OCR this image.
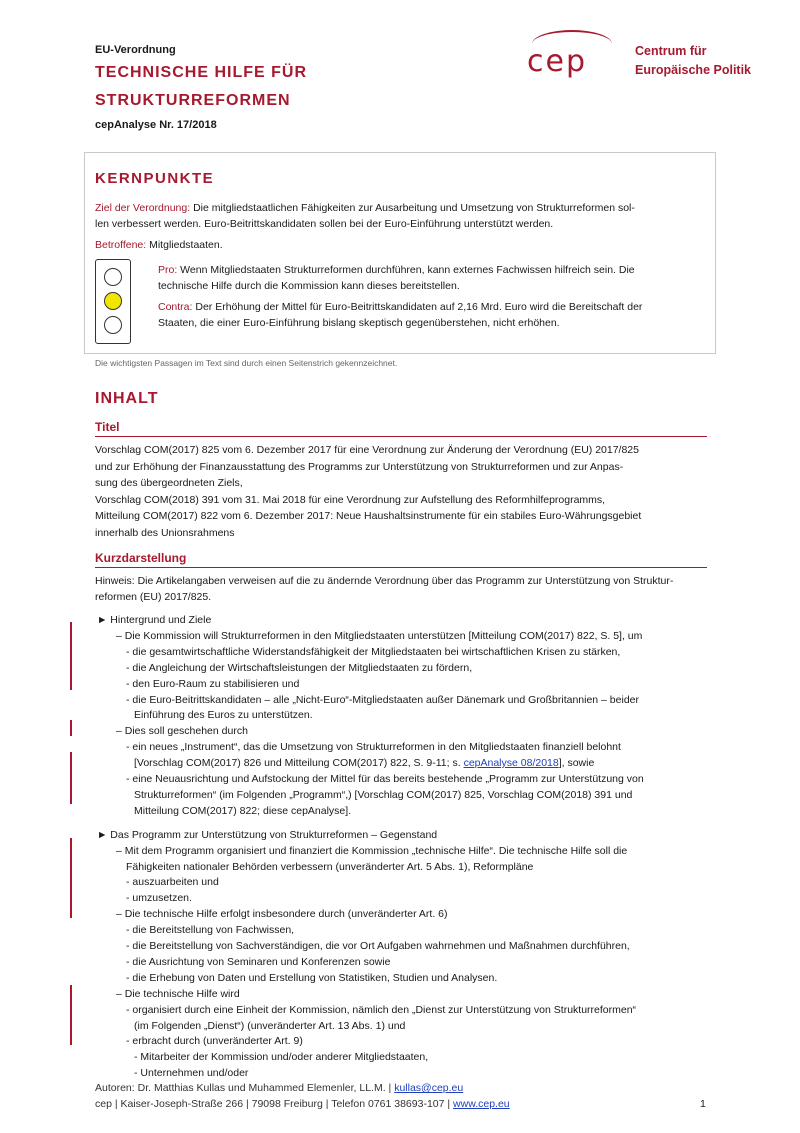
EU-Verordnung
TECHNISCHE HILFE FÜR
STRUKTURREFORMEN
cepAnalyse Nr. 17/2018
cep	Centrum für
Europäische Politik
KERNPUNKTE
Ziel der Verordnung: Die mitgliedstaatlichen Fähigkeiten zur Ausarbeitung und Umsetzung von Strukturreformen sol-
len verbessert werden. Euro-Beitrittskandidaten sollen bei der Euro-Einführung unterstützt werden.
Betroffene: Mitgliedstaaten.
Pro: Wenn Mitgliedstaaten Strukturreformen durchführen, kann externes Fachwissen hilfreich sein. Die
technische Hilfe durch die Kommission kann dieses bereitstellen.
Contra: Der Erhöhung der Mittel für Euro-Beitrittskandidaten auf 2,16 Mrd. Euro wird die Bereitschaft der
Staaten, die einer Euro-Einführung bislang skeptisch gegenüberstehen, nicht erhöhen.
Die wichtigsten Passagen im Text sind durch einen Seitenstrich gekennzeichnet.
INHALT
Titel
Vorschlag COM(2017) 825 vom 6. Dezember 2017 für eine Verordnung zur Änderung der Verordnung (EU) 2017/825
und zur Erhöhung der Finanzausstattung des Programms zur Unterstützung von Strukturreformen und zur Anpas-
sung des übergeordneten Ziels,
Vorschlag COM(2018) 391 vom 31. Mai 2018 für eine Verordnung zur Aufstellung des Reformhilfeprogramms,
Mitteilung COM(2017) 822 vom 6. Dezember 2017: Neue Haushaltsinstrumente für ein stabiles Euro-Währungsgebiet
innerhalb des Unionsrahmens
Kurzdarstellung
Hinweis: Die Artikelangaben verweisen auf die zu ändernde Verordnung über das Programm zur Unterstützung von Struktur-
reformen (EU) 2017/825.
► Hintergrund und Ziele
– Die Kommission will Strukturreformen in den Mitgliedstaaten unterstützen [Mitteilung COM(2017) 822, S. 5], um
- die gesamtwirtschaftliche Widerstandsfähigkeit der Mitgliedstaaten bei wirtschaftlichen Krisen zu stärken,
- die Angleichung der Wirtschaftsleistungen der Mitgliedstaaten zu fördern,
- den Euro-Raum zu stabilisieren und
- die Euro-Beitrittskandidaten – alle „Nicht-Euro“-Mitgliedstaaten außer Dänemark und Großbritannien – beider
Einführung des Euros zu unterstützen.
– Dies soll geschehen durch
- ein neues „Instrument“, das die Umsetzung von Strukturreformen in den Mitgliedstaaten finanziell belohnt
[Vorschlag COM(2017) 826 und Mitteilung COM(2017) 822, S. 9-11; s. cepAnalyse 08/2018], sowie
- eine Neuausrichtung und Aufstockung der Mittel für das bereits bestehende „Programm zur Unterstützung von
Strukturreformen“ (im Folgenden „Programm“,) [Vorschlag COM(2017) 825, Vorschlag COM(2018) 391 und
Mitteilung COM(2017) 822; diese cepAnalyse].
► Das Programm zur Unterstützung von Strukturreformen – Gegenstand
– Mit dem Programm organisiert und finanziert die Kommission „technische Hilfe“. Die technische Hilfe soll die
Fähigkeiten nationaler Behörden verbessern (unveränderter Art. 5 Abs. 1), Reformpläne
- auszuarbeiten und
- umzusetzen.
– Die technische Hilfe erfolgt insbesondere durch (unveränderter Art. 6)
- die Bereitstellung von Fachwissen,
- die Bereitstellung von Sachverständigen, die vor Ort Aufgaben wahrnehmen und Maßnahmen durchführen,
- die Ausrichtung von Seminaren und Konferenzen sowie
- die Erhebung von Daten und Erstellung von Statistiken, Studien und Analysen.
– Die technische Hilfe wird
- organisiert durch eine Einheit der Kommission, nämlich den „Dienst zur Unterstützung von Strukturreformen“
(im Folgenden „Dienst“) (unveränderter Art. 13 Abs. 1) und
- erbracht durch (unveränderter Art. 9)
- Mitarbeiter der Kommission und/oder anderer Mitgliedstaaten,
- Unternehmen und/oder
Autoren: Dr. Matthias Kullas und Muhammed Elemenler, LL.M. | kullas@cep.eu
cep | Kaiser-Joseph-Straße 266 | 79098 Freiburg | Telefon 0761 38693-107 | www.cep.eu	1
